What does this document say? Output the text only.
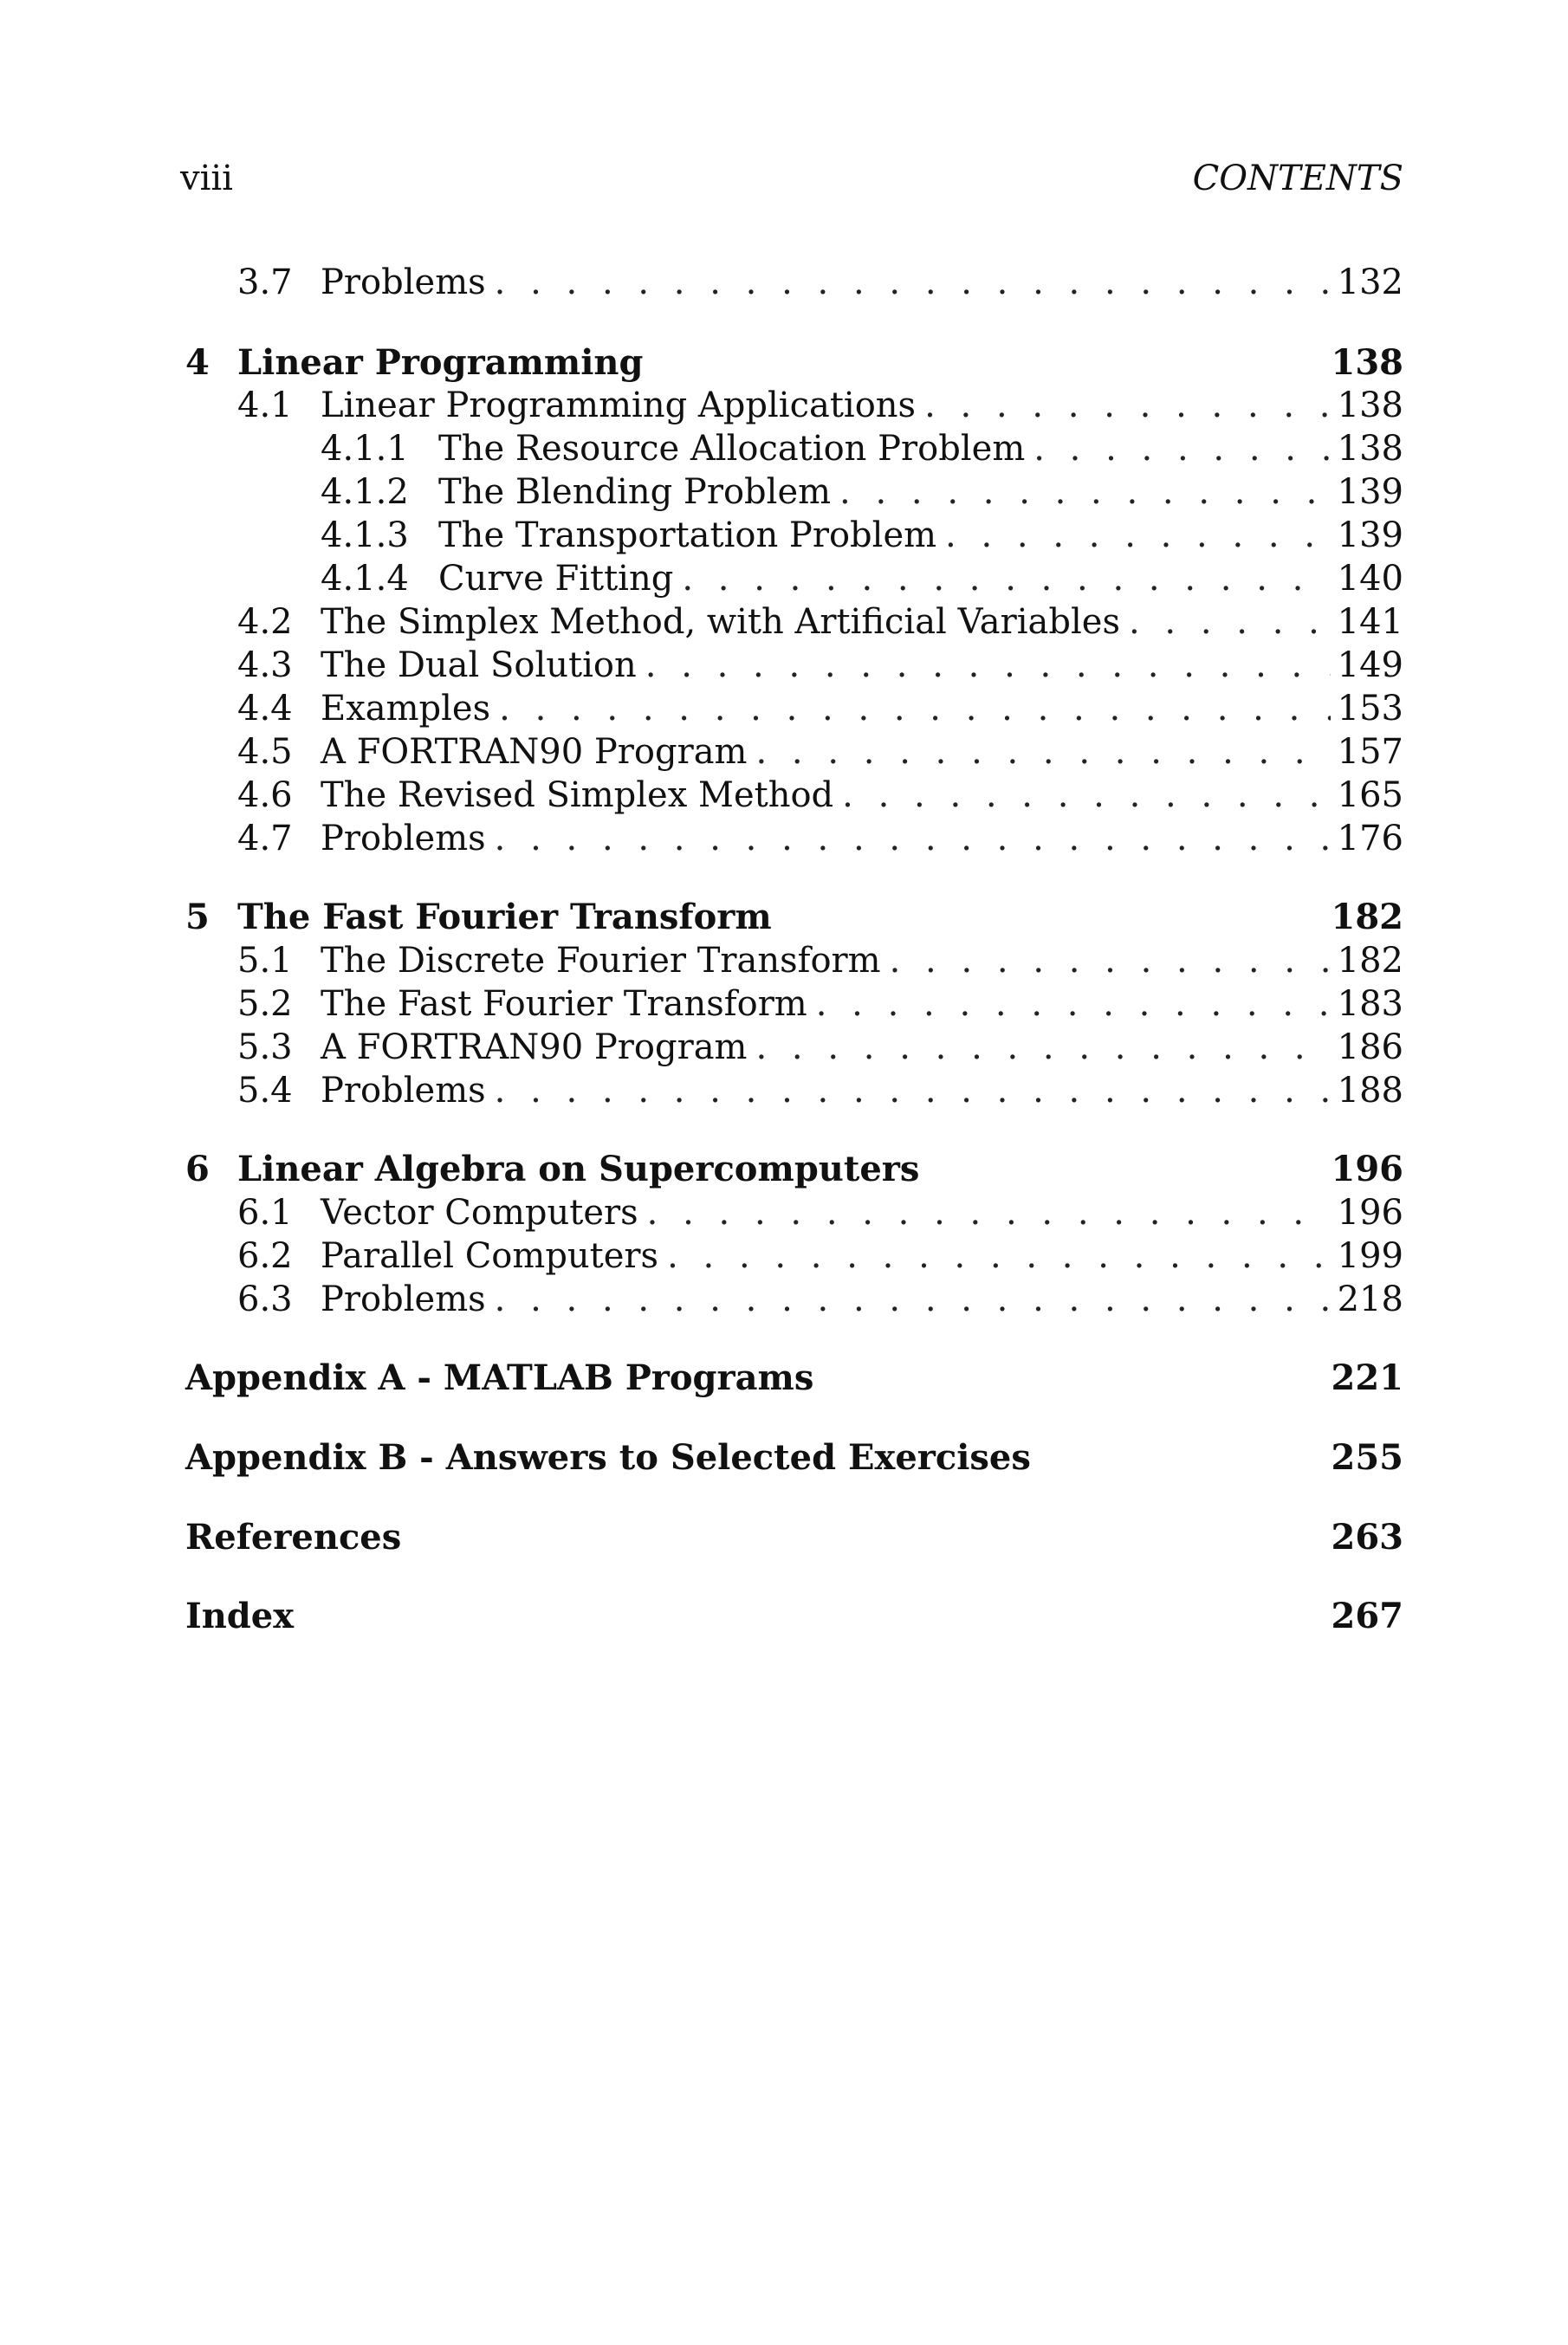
viii	CONTENTS
3.7 Problems . . .	132
4 Linear Programming	138
4.1 Linear Programming Applications . . .	138
4.1.1 The Resource Allocation Problem . . .	138
4.1.2 The Blending Problem . . .	139
4.1.3 The Transportation Problem . . .	139
4.1.4 Curve Fitting . . .	140
4.2 The Simplex Method, with Artificial Variables . . .	141
4.3 The Dual Solution . . .	149
4.4 Examples . . .	153
4.5 A FORTRAN90 Program . . .	157
4.6 The Revised Simplex Method . . .	165
4.7 Problems . . .	176
5 The Fast Fourier Transform	182
5.1 The Discrete Fourier Transform . . .	182
5.2 The Fast Fourier Transform . . .	183
5.3 A FORTRAN90 Program . . .	186
5.4 Problems . . .	188
6 Linear Algebra on Supercomputers	196
6.1 Vector Computers . . .	196
6.2 Parallel Computers . . .	199
6.3 Problems . . .	218
Appendix A - MATLAB Programs	221
Appendix B - Answers to Selected Exercises	255
References	263
Index	267
